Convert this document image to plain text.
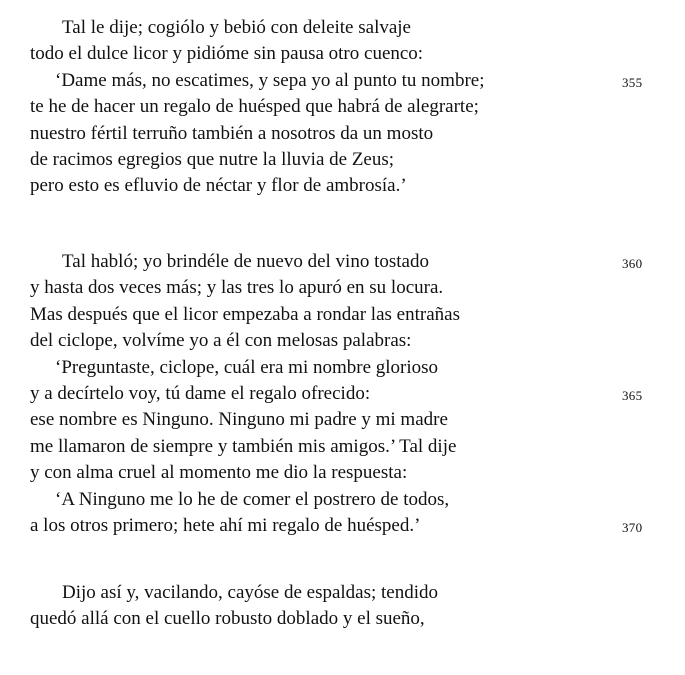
Tal le dije; cogiólo y bebió con deleite salvaje
todo el dulce licor y pidióme sin pausa otro cuenco:
‘Dame más, no escatimes, y sepa yo al punto tu nombre;	355
te he de hacer un regalo de huésped que habrá de alegrarte;
nuestro fértil terruño también a nosotros da un mosto
de racimos egregios que nutre la lluvia de Zeus;
pero esto es efluvio de néctar y flor de ambrosía.’
Tal habló; yo brindéle de nuevo del vino tostado	360
y hasta dos veces más; y las tres lo apuró en su locura.
Mas después que el licor empezaba a rondar las entrañas
del ciclope, volvíme yo a él con melosas palabras:
‘Preguntaste, ciclope, cuál era mi nombre glorioso
y a decírtelo voy, tú dame el regalo ofrecido:	365
ese nombre es Ninguno. Ninguno mi padre y mi madre
me llamaron de siempre y también mis amigos.’ Tal dije
y con alma cruel al momento me dio la respuesta:
‘A Ninguno me lo he de comer el postrero de todos,
a los otros primero; hete ahí mi regalo de huésped.’	370
Dijo así y, vacilando, cayóse de espaldas; tendido
quedó allá con el cuello robusto doblado y el sueño,
